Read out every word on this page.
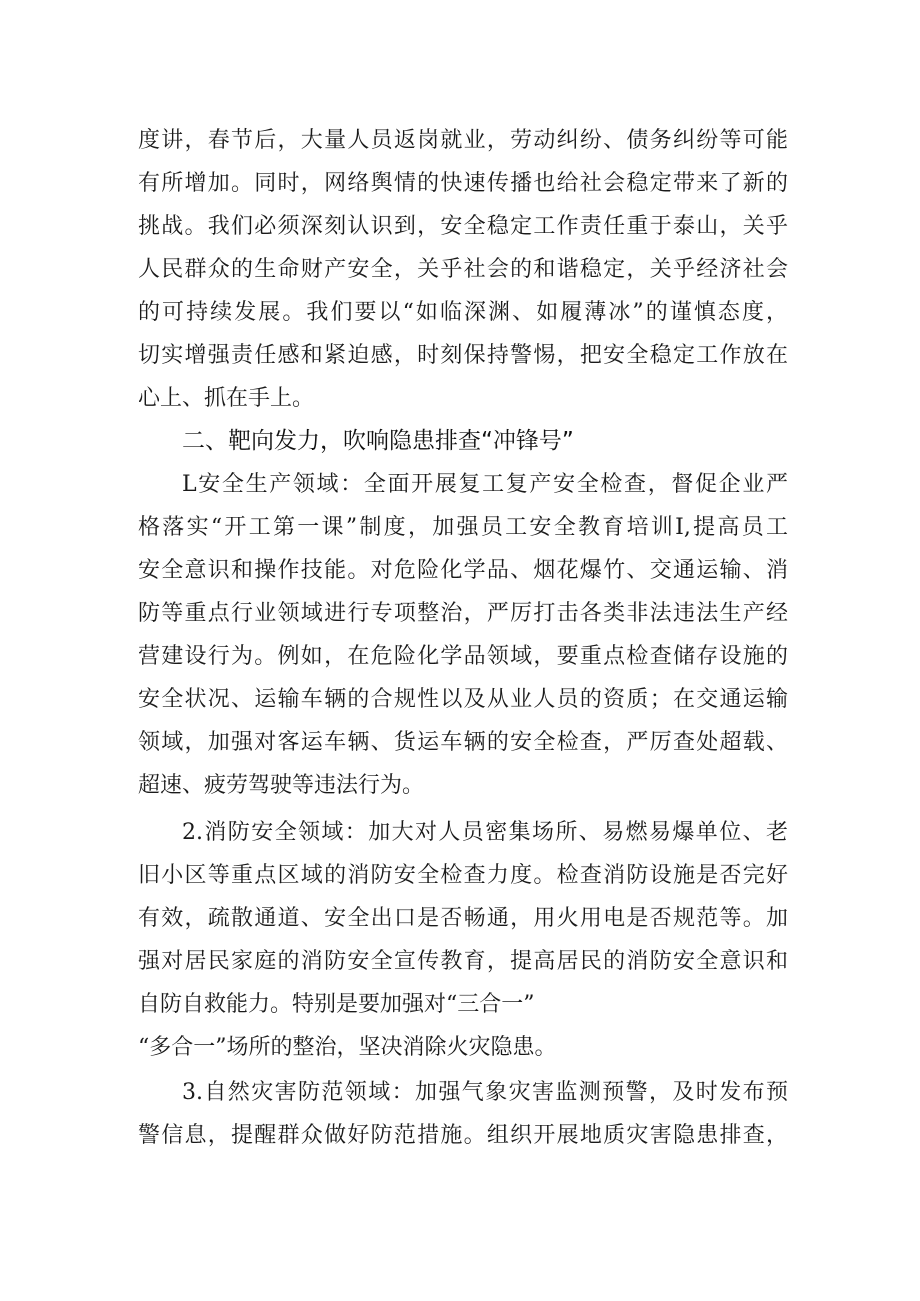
度讲，春节后，大量人员返岗就业，劳动纠纷、债务纠纷等可能
有所增加。同时，网络舆情的快速传播也给社会稳定带来了新的
挑战。我们必须深刻认识到，安全稳定工作责任重于泰山，关乎
人民群众的生命财产安全，关乎社会的和谐稳定，关乎经济社会
的可持续发展。我们要以“如临深渊、如履薄冰”的谨慎态度，
切实增强责任感和紧迫感，时刻保持警惕，把安全稳定工作放在
心上、抓在手上。
二、靶向发力，吹响隐患排查“冲锋号”
L安全生产领域：全面开展复工复产安全检查，督促企业严
格落实“开工第一课”制度，加强员工安全教育培训I,提高员工
安全意识和操作技能。对危险化学品、烟花爆竹、交通运输、消
防等重点行业领域进行专项整治，严厉打击各类非法违法生产经
营建设行为。例如，在危险化学品领域，要重点检查储存设施的
安全状况、运输车辆的合规性以及从业人员的资质；在交通运输
领域，加强对客运车辆、货运车辆的安全检查，严厉查处超载、
超速、疲劳驾驶等违法行为。
2.消防安全领域：加大对人员密集场所、易燃易爆单位、老
旧小区等重点区域的消防安全检查力度。检查消防设施是否完好
有效，疏散通道、安全出口是否畅通，用火用电是否规范等。加
强对居民家庭的消防安全宣传教育，提高居民的消防安全意识和
自防自救能力。特别是要加强对“三合一”
“多合一”场所的整治，坚决消除火灾隐患。
3.自然灾害防范领域：加强气象灾害监测预警，及时发布预
警信息，提醒群众做好防范措施。组织开展地质灾害隐患排查，
